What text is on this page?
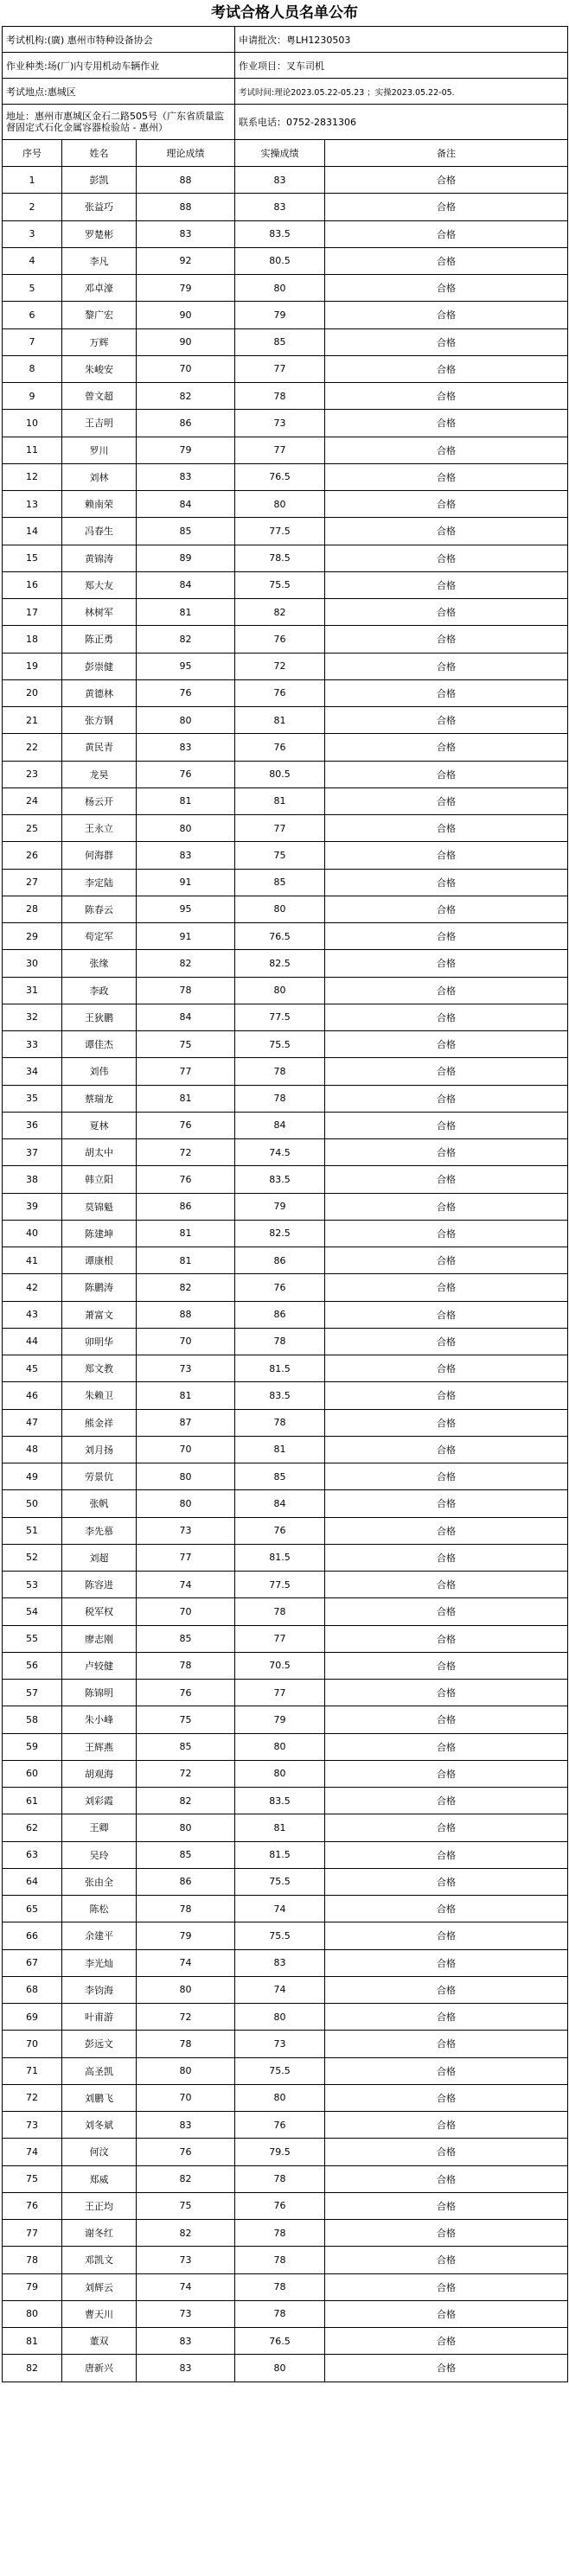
考试合格人员名单公布
考试机构:(廣) 惠州市特种设备协会			申请批次：粤LH1230503	
作业种类:场(厂)内专用机动车辆作业			作业项目：叉车司机	
考试地点:惠城区			考试时间:理论2023.05.22-05.23 ；实操2023.05.22-05.	
地址：惠州市惠城区金石二路505号（广东省质量监督固定式石化金属容器检验站 - 惠州）			联系电话：0752-2831306	
序号	姓名	理论成绩	实操成绩	备注
1	彭凯	88	83	合格
2	张益巧	88	83	合格
3	罗楚彬	83	83.5	合格
4	李凡	92	80.5	合格
5	邓卓濠	79	80	合格
6	黎广宏	90	79	合格
7	万辉	90	85	合格
8	朱峻安	70	77	合格
9	曾文超	82	78	合格
10	王吉明	86	73	合格
11	罗川	79	77	合格
12	刘林	83	76.5	合格
13	赖南荣	84	80	合格
14	冯春生	85	77.5	合格
15	黄锦涛	89	78.5	合格
16	郑大友	84	75.5	合格
17	林树军	81	82	合格
18	陈正勇	82	76	合格
19	彭崇健	95	72	合格
20	黄德林	76	76	合格
21	张方钢	80	81	合格
22	黄民青	83	76	合格
23	龙昊	76	80.5	合格
24	杨云开	81	81	合格
25	王永立	80	77	合格
26	何海群	83	75	合格
27	李定陆	91	85	合格
28	陈春云	95	80	合格
29	苟定军	91	76.5	合格
30	张缘	82	82.5	合格
31	李政	78	80	合格
32	王狄鹏	84	77.5	合格
33	谭佳杰	75	75.5	合格
34	刘伟	77	78	合格
35	蔡瑞龙	81	78	合格
36	夏林	76	84	合格
37	胡太中	72	74.5	合格
38	韩立阳	76	83.5	合格
39	莫锦魁	86	79	合格
40	陈建坤	81	82.5	合格
41	谭康根	81	86	合格
42	陈鹏涛	82	76	合格
43	萧富文	88	86	合格
44	卯明华	70	78	合格
45	郑文教	73	81.5	合格
46	朱赖卫	81	83.5	合格
47	熊金祥	87	78	合格
48	刘月扬	70	81	合格
49	劳景伉	80	85	合格
50	张帆	80	84	合格
51	李先慕	73	76	合格
52	刘超	77	81.5	合格
53	陈容进	74	77.5	合格
54	税军权	70	78	合格
55	廖志刚	85	77	合格
56	卢较健	78	70.5	合格
57	陈锦明	76	77	合格
58	朱小峰	75	79	合格
59	王辉燕	85	80	合格
60	胡观海	72	80	合格
61	刘彩霞	82	83.5	合格
62	王卿	80	81	合格
63	吴玲	85	81.5	合格
64	张由全	86	75.5	合格
65	陈松	78	74	合格
66	余建平	79	75.5	合格
67	李光灿	74	83	合格
68	李钧海	80	74	合格
69	叶甫游	72	80	合格
70	彭远文	78	73	合格
71	高圣凯	80	75.5	合格
72	刘鹏飞	70	80	合格
73	刘冬斌	83	76	合格
74	何汶	76	79.5	合格
75	郑威	82	78	合格
76	王正均	75	76	合格
77	谢冬红	82	78	合格
78	邓凯文	73	78	合格
79	刘辉云	74	78	合格
80	曹天川	73	78	合格
81	董双	83	76.5	合格
82	唐新兴	83	80	合格
